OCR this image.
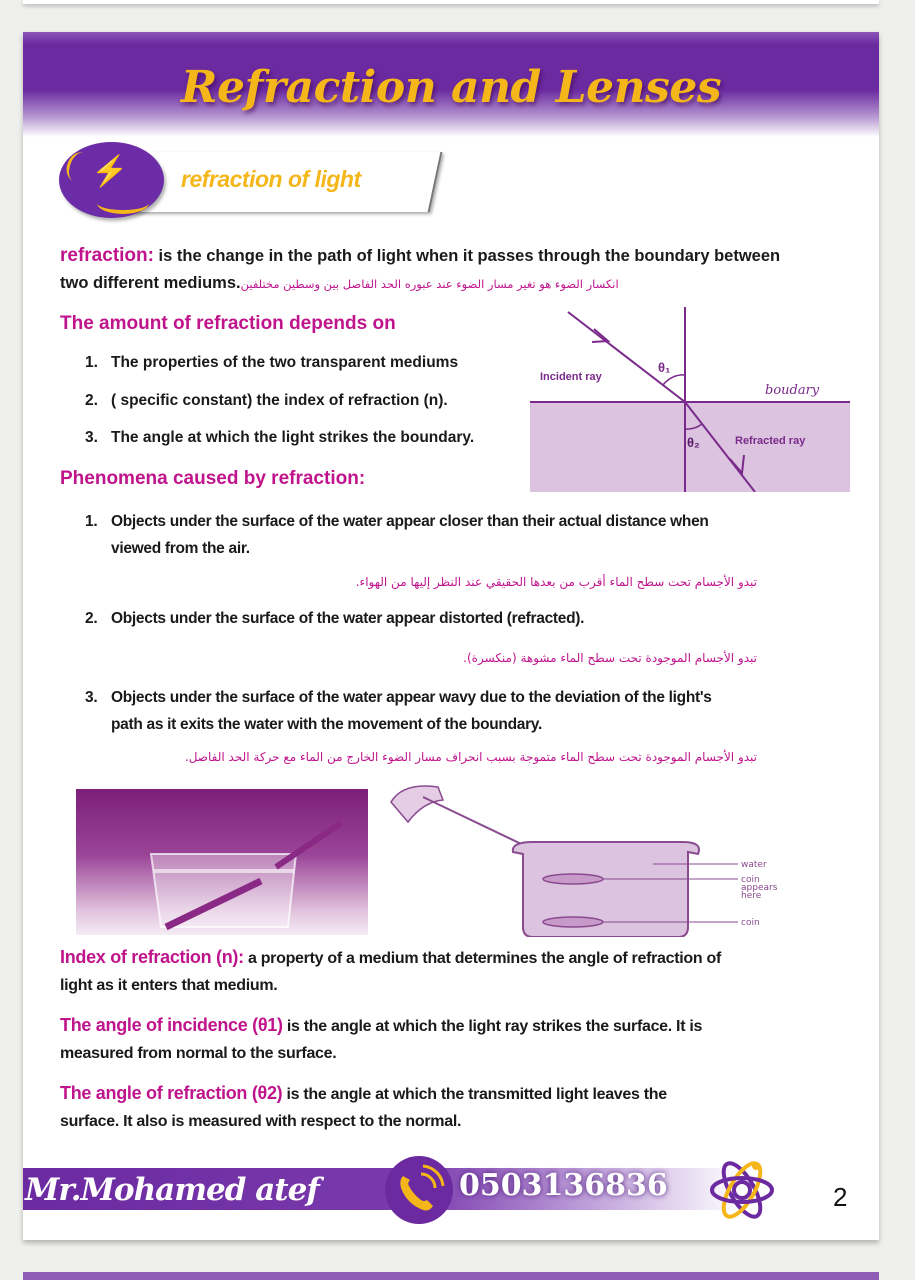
Refraction and Lenses
⚡ refraction of light
refraction: is the change in the path of light when it passes through the boundary between
two different mediums.انكسار الضوء هو تغير مسار الضوء عند عبوره الحد الفاصل بين وسطين مختلفين
The amount of refraction depends on
1. The properties of the two transparent mediums
2. ( specific constant) the index of refraction (n).
3. The angle at which the light strikes the boundary.
Incident ray
θ₁
boudary
θ₂	Refracted ray
Phenomena caused by refraction:
1. Objects under the surface of the water appear closer than their actual distance when
viewed from the air.
تبدو الأجسام تحت سطح الماء أقرب من بعدها الحقيقي عند النظر إليها من الهواء.
2. Objects under the surface of the water appear distorted (refracted).
تبدو الأجسام الموجودة تحت سطح الماء مشوهة (منكسرة).
3. Objects under the surface of the water appear wavy due to the deviation of the light's
path as it exits the water with the movement of the boundary.
تبدو الأجسام الموجودة تحت سطح الماء متموجة بسبب انحراف مسار الضوء الخارج من الماء مع حركة الحد الفاصل.
water
coin
appears
here
coin
Index of refraction (n): a property of a medium that determines the angle of refraction of
light as it enters that medium.
The angle of incidence (θ1) is the angle at which the light ray strikes the surface. It is
measured from normal to the surface.
The angle of refraction (θ2) is the angle at which the transmitted light leaves the
surface. It also is measured with respect to the normal.
Mr.Mohamed atef	0503136836	2
